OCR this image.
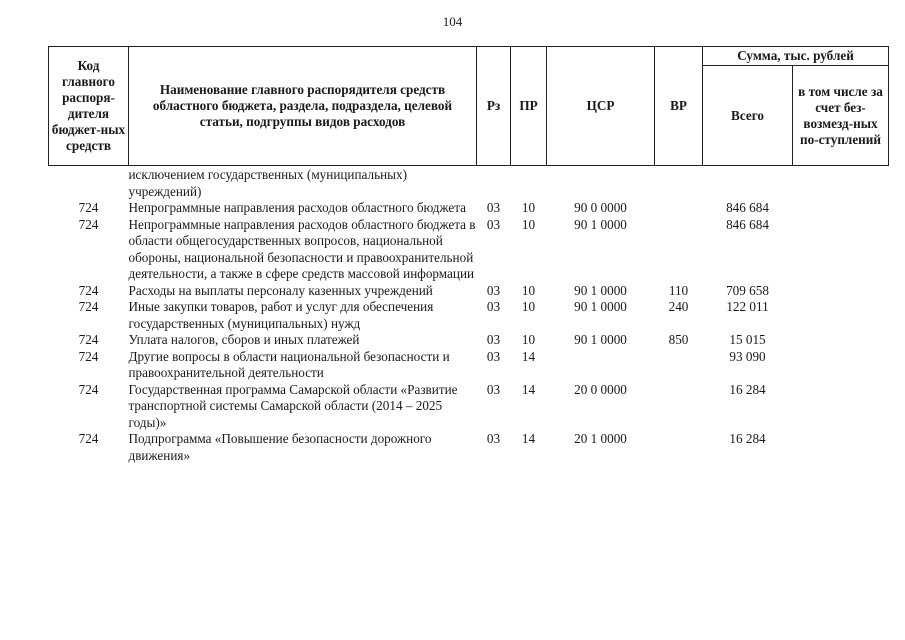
104
Код главного распоря-дителя бюджет-ных средств	Наименование главного распорядителя средств областного бюджета, раздела, подраздела, целевой статьи, подгруппы видов расходов	Рз	ПР	ЦСР	ВР	Сумма, тыс. рублей	
						Всего	в том числе за счет без-возмезд-ных по-ступлений
	исключением государственных (муниципальных) учреждений)						
724	Непрограммные направления расходов областного бюджета	03	10	90 0 0000		846 684	
724	Непрограммные направления расходов областного бюджета в области общегосударственных вопросов, национальной обороны, национальной безопасности и правоохранительной деятельности, а также в сфере средств массовой информации	03	10	90 1 0000		846 684	
724	Расходы на выплаты персоналу казенных учреждений	03	10	90 1 0000	110	709 658	
724	Иные закупки товаров, работ и услуг для обеспечения государственных (муниципальных) нужд	03	10	90 1 0000	240	122 011	
724	Уплата налогов, сборов и иных платежей	03	10	90 1 0000	850	15 015	
724	Другие вопросы в области национальной безопасности и правоохранительной деятельности	03	14			93 090	
724	Государственная программа Самарской области «Развитие транспортной системы Самарской области (2014 – 2025 годы)»	03	14	20 0 0000		16 284	
724	Подпрограмма «Повышение безопасности дорожного движения»	03	14	20 1 0000		16 284	
